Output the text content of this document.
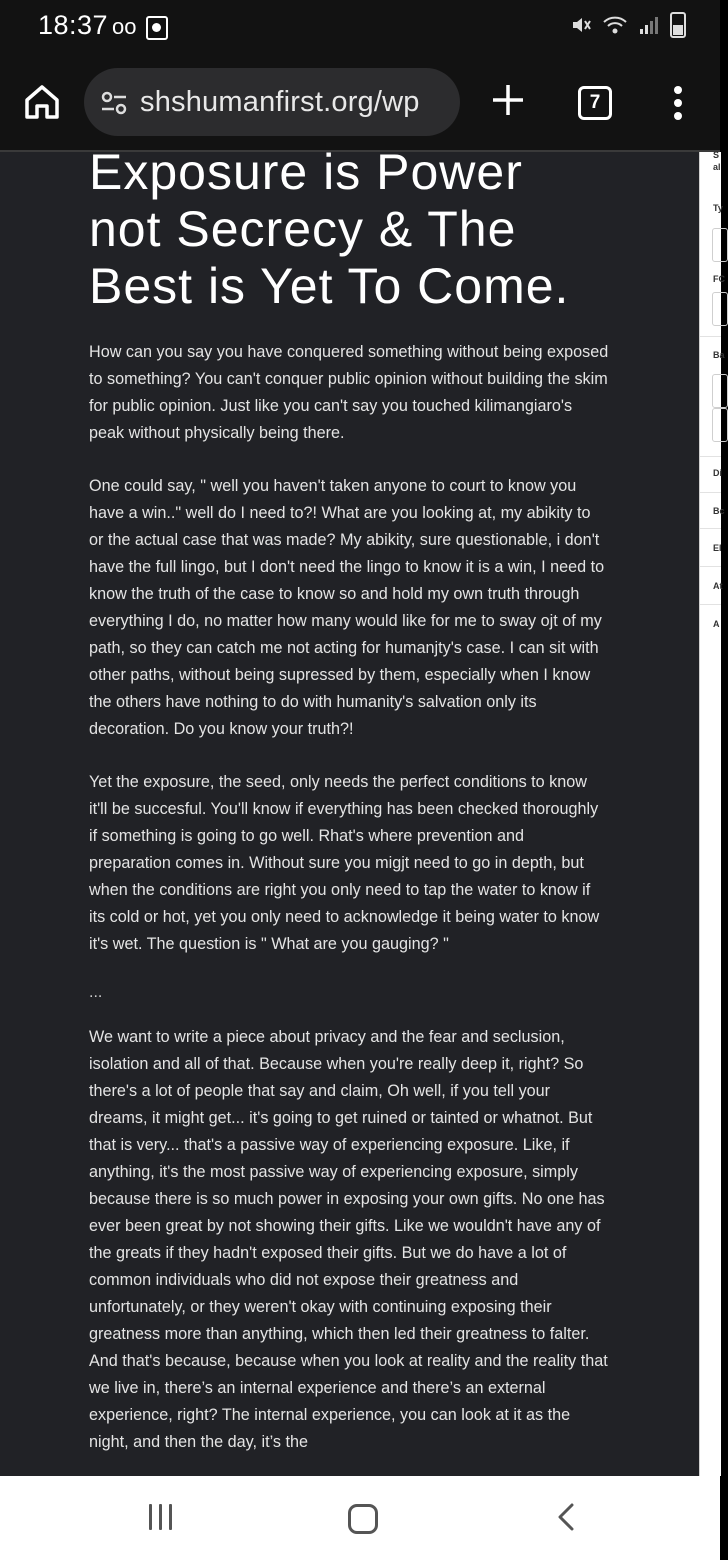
18:37 oo
shshumanfirst.org/wp	7
Exposure is Power not Secrecy & The Best is Yet To Come.

How can you say you have conquered something without being exposed to something? You can't conquer public opinion without building the skim for public opinion. Just like you can't say you touched kilimangiaro's peak without physically being there.

One could say, " well you haven't taken anyone to court to know you have a win.." well do I need to?! What are you looking at, my abikity to or the actual case that was made? My abikity, sure questionable, i don't have the full lingo, but I don't need the lingo to know it is a win, I need to know the truth of the case to know so and hold my own truth through everything I do, no matter how many would like for me to sway ojt of my path, so they can catch me not acting for humanjty's case. I can sit with other paths, without being supressed by them, especially when I know the others have nothing to do with humanity's salvation only its decoration. Do you know your truth?!

Yet the exposure, the seed, only needs the perfect conditions to know it'll be succesful. You'll know if everything has been checked thoroughly if something is going to go well. Rhat's where prevention and preparation comes in. Without sure you migjt need to go in depth, but when the conditions are right you only need to tap the water to know if its cold or hot, yet you only need to acknowledge it being water to know it's wet. The question is " What are you gauging? "

...

We want to write a piece about privacy and the fear and seclusion, isolation and all of that. Because when you're really deep it, right? So there's a lot of people that say and claim, Oh well, if you tell your dreams, it might get... it's going to get ruined or tainted or whatnot. But that is very... that's a passive way of experiencing exposure. Like, if anything, it's the most passive way of experiencing exposure, simply because there is so much power in exposing your own gifts. No one has ever been great by not showing their gifts. Like we wouldn't have any of the greats if they hadn't exposed their gifts. But we do have a lot of common individuals who did not expose their greatness and unfortunately, or they weren't okay with continuing exposing their greatness more than anything, which then led their greatness to falter. And that's because, because when you look at reality and the reality that we live in, there’s an internal experience and there’s an external experience, right? The internal experience, you can look at it as the night, and then the day, it’s the

S
al
Ty
FC
Ba
Di
Bc
El
At
A
